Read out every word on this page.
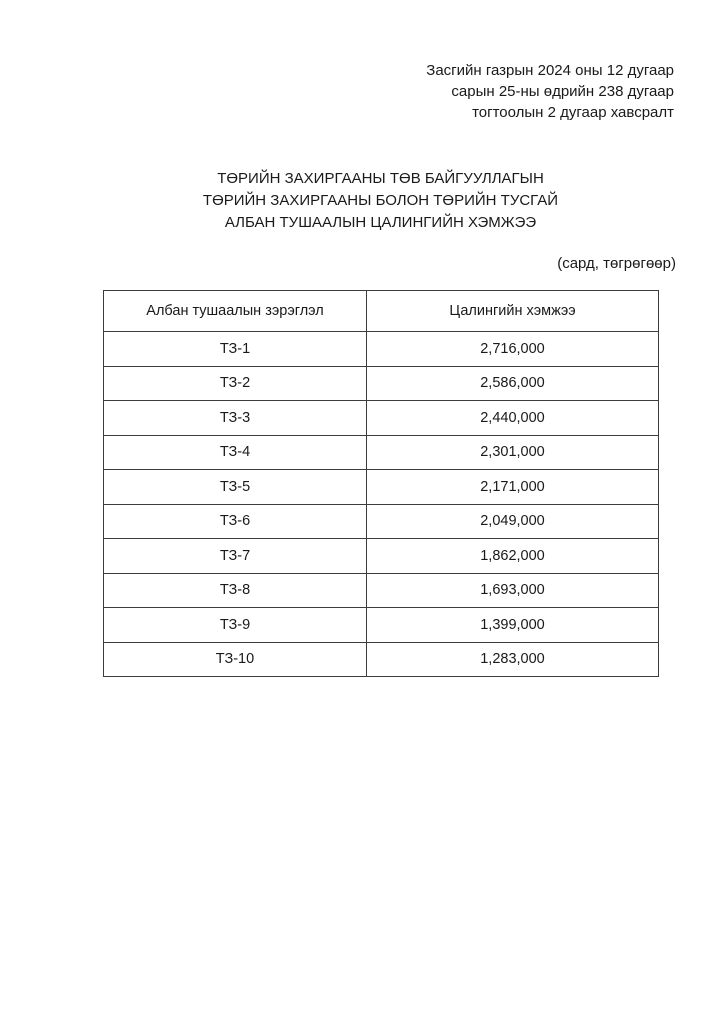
Засгийн газрын 2024 оны 12 дугаар
сарын 25-ны өдрийн 238 дугаар
тогтоолын 2 дугаар хавсралт
ТӨРИЙН ЗАХИРГААНЫ ТӨВ БАЙГУУЛЛАГЫН
ТӨРИЙН ЗАХИРГААНЫ БОЛОН ТӨРИЙН ТУСГАЙ
АЛБАН ТУШААЛЫН ЦАЛИНГИЙН ХЭМЖЭЭ
(сард, төгрөгөөр)
Албан тушаалын зэрэглэл	Цалингийн хэмжээ
ТЗ-1	2,716,000
ТЗ-2	2,586,000
ТЗ-3	2,440,000
ТЗ-4	2,301,000
ТЗ-5	2,171,000
ТЗ-6	2,049,000
ТЗ-7	1,862,000
ТЗ-8	1,693,000
ТЗ-9	1,399,000
ТЗ-10	1,283,000
